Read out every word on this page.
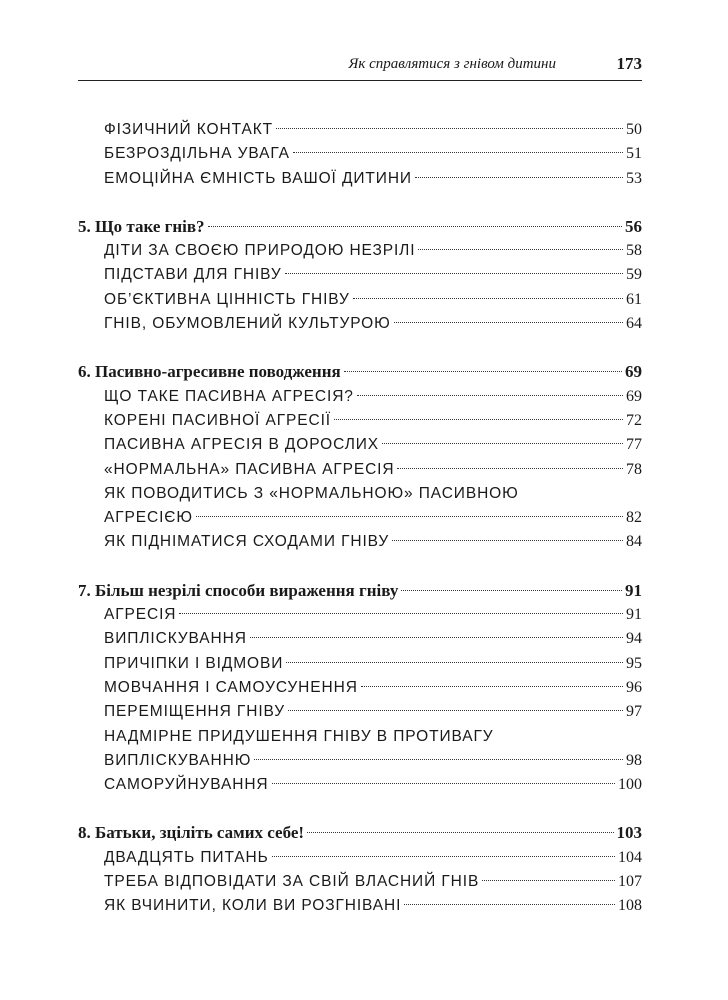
Як справлятися з гнівом дитини	173
ФІЗИЧНИЙ КОНТАКТ	50
БЕЗРОЗДІЛЬНА УВАГА	51
ЕМОЦІЙНА ЄМНІСТЬ ВАШОЇ ДИТИНИ	53
5. Що таке гнів?	56
ДІТИ ЗА СВОЄЮ ПРИРОДОЮ НЕЗРІЛІ	58
ПІДСТАВИ ДЛЯ ГНІВУ	59
ОБ’ЄКТИВНА ЦІННІСТЬ ГНІВУ	61
ГНІВ, ОБУМОВЛЕНИЙ КУЛЬТУРОЮ	64
6. Пасивно-агресивне поводження	69
ЩО ТАКЕ ПАСИВНА АГРЕСІЯ?	69
КОРЕНІ ПАСИВНОЇ АГРЕСІЇ	72
ПАСИВНА АГРЕСІЯ В ДОРОСЛИХ	77
«НОРМАЛЬНА» ПАСИВНА АГРЕСІЯ	78
ЯК ПОВОДИТИСЬ З «НОРМАЛЬНОЮ» ПАСИВНОЮ
АГРЕСІЄЮ	82
ЯК ПІДНІМАТИСЯ СХОДАМИ ГНІВУ	84
7. Більш незрілі способи вираження гніву	91
АГРЕСІЯ	91
ВИПЛІСКУВАННЯ	94
ПРИЧІПКИ І ВІДМОВИ	95
МОВЧАННЯ І САМОУСУНЕННЯ	96
ПЕРЕМІЩЕННЯ ГНІВУ	97
НАДМІРНЕ ПРИДУШЕННЯ ГНІВУ В ПРОТИВАГУ
ВИПЛІСКУВАННЮ	98
САМОРУЙНУВАННЯ	100
8. Батьки, зціліть самих себе!	103
ДВАДЦЯТЬ ПИТАНЬ	104
ТРЕБА ВІДПОВІДАТИ ЗА СВІЙ ВЛАСНИЙ ГНІВ	107
ЯК ВЧИНИТИ, КОЛИ ВИ РОЗГНІВАНІ	108
